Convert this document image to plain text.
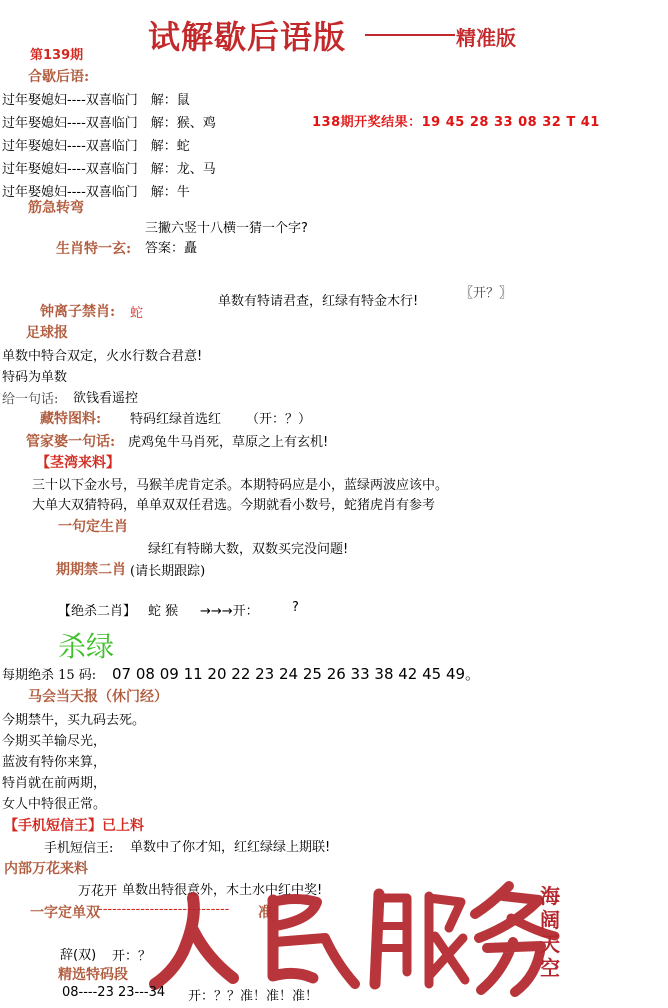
试解歇后语版	精准版
第139期
合歇后语:
过年娶媳妇----双喜临门　解：鼠
过年娶媳妇----双喜临门　解：猴、鸡
过年娶媳妇----双喜临门　解：蛇
过年娶媳妇----双喜临门　解：龙、马
过年娶媳妇----双喜临门　解：牛
138期开奖结果：19 45 28 33 08 32 T 41
筋急转弯
三撇六竖十八横一猜一个字?
生肖特一玄: 答案：矗
单数有特请君查，红绿有特金木行!
〖开？〗
钟离子禁肖: 蛇
足球报
单数中特合双定，火水行数合君意!
特码为单数
给一句话: 欲钱看遥控
藏特图料: 特码红绿首选红 （开：？）
管家婆一句话: 虎鸡兔牛马肖死，草原之上有玄机!
【茎湾来料】
三十以下金水号，马猴羊虎肯定杀。本期特码应是小，蓝绿两波应该中。
大单大双猜特码，单单双双任君选。今期就看小数号，蛇猪虎肖有参考
一句定生肖
绿红有特睇大数，双数买完没问题!
期期禁二肖 (请长期跟踪)
【绝杀二肖】 蛇 猴 →→→开：	?
杀绿
每期绝杀 15 码: 07 08 09 11 20 22 23 24 25 26 33 38 42 45 49。
马会当天报（休门经）
今期禁牛，买九码去死。
今期买羊输尽光，
蓝波有特你来算，
特肖就在前两期，
女人中特很正常。
【手机短信王】已上料
手机短信王: 单数中了你才知，红红绿绿上期联!
内部万花来料
万花开 单数出特很意外，木土水中红中奖!
一字定单双
---------------------------- 准
海阔天空
辞(双) 开：？
精选特码段
08----23 23---34 开：？？准！准！准！
